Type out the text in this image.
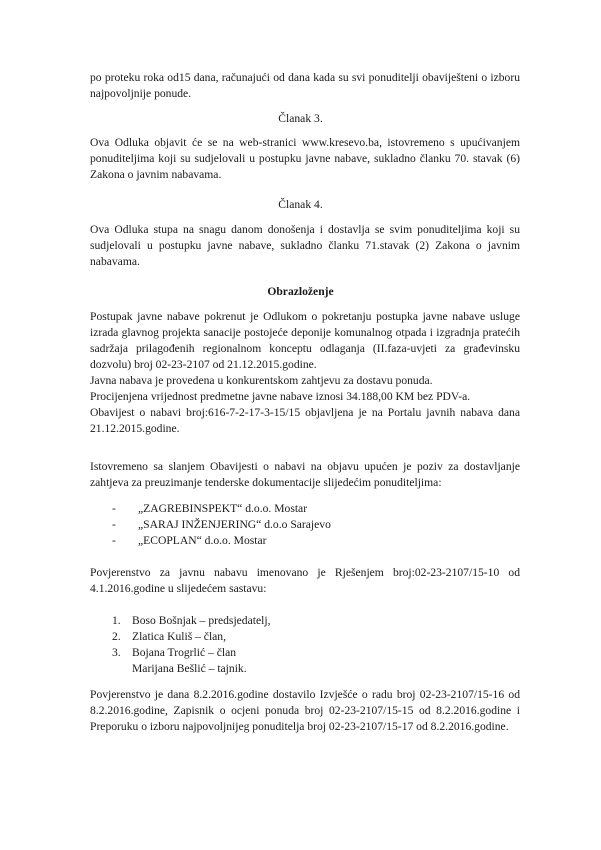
po proteku roka od15 dana, računajući od dana kada su svi ponuditelji obaviješteni o izboru najpovoljnije ponude.

Članak 3.

Ova Odluka objavit će se na web-stranici www.kresevo.ba, istovremeno s upućivanjem ponuditeljima koji su sudjelovali u postupku javne nabave, sukladno članku 70. stavak (6) Zakona o javnim nabavama.

Članak 4.

Ova Odluka stupa na snagu danom donošenja i dostavlja se svim ponuditeljima koji su sudjelovali u postupku javne nabave, sukladno članku 71.stavak (2) Zakona o javnim nabavama.

Obrazloženje

Postupak javne nabave pokrenut je Odlukom o pokretanju postupka javne nabave usluge izrada glavnog projekta sanacije postojeće deponije komunalnog otpada i izgradnja pratećih sadržaja prilagođenih regionalnom konceptu odlaganja (II.faza-uvjeti za građevinsku dozvolu) broj 02-23-2107 od 21.12.2015.godine.

Javna nabava je provedena u konkurentskom zahtjevu za dostavu ponuda.
Procijenjena vrijednost predmetne javne nabave iznosi 34.188,00 KM bez PDV-a.

Obavijest o nabavi broj:616-7-2-17-3-15/15 objavljena je na Portalu javnih nabava dana 21.12.2015.godine.

Istovremeno sa slanjem Obavijesti o nabavi na objavu upućen je poziv za dostavljanje zahtjeva za preuzimanje tenderske dokumentacije slijedećim ponuditeljima:

- „ZAGREBINSPEKT“ d.o.o. Mostar
- „SARAJ INŽENJERING“ d.o.o Sarajevo
- „ECOPLAN“ d.o.o. Mostar

Povjerenstvo za javnu nabavu imenovano je Rješenjem broj:02-23-2107/15-10 od 4.1.2016.godine u slijedećem sastavu:

1. Boso Bošnjak – predsjedatelj,
2. Zlatica Kuliš – član,
3. Bojana Trogrlić – član
Marijana Bešlić – tajnik.

Povjerenstvo je dana 8.2.2016.godine dostavilo Izvješće o radu broj 02-23-2107/15-16 od 8.2.2016.godine, Zapisnik o ocjeni ponuda broj 02-23-2107/15-15 od 8.2.2016.godine i Preporuku o izboru najpovoljnijeg ponuditelja broj 02-23-2107/15-17 od 8.2.2016.godine.
